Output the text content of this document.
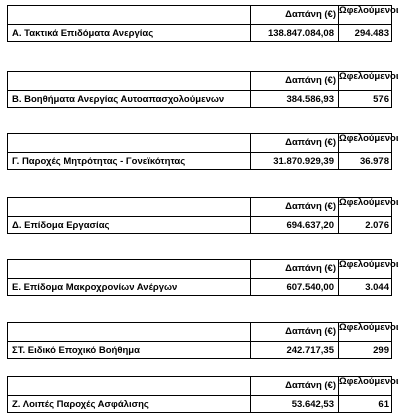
Δαπάνη (€) Ωφελούμενοι
Α. Τακτικά Επιδόματα Ανεργίας	138.847.084,08	294.483
Δαπάνη (€) Ωφελούμενοι
Β. Βοηθήματα Ανεργίας Αυτοαπασχολούμενων	384.586,93	576
Δαπάνη (€) Ωφελούμενοι
Γ. Παροχές Μητρότητας - Γονεϊκότητας	31.870.929,39	36.978
Δαπάνη (€) Ωφελούμενοι
Δ. Επίδομα Εργασίας	694.637,20	2.076
Δαπάνη (€) Ωφελούμενοι
Ε. Επίδομα Μακροχρονίων Ανέργων	607.540,00	3.044
Δαπάνη (€) Ωφελούμενοι
ΣΤ. Ειδικό Εποχικό Βοήθημα	242.717,35	299
Δαπάνη (€) Ωφελούμενοι
Ζ. Λοιπές Παροχές Ασφάλισης	53.642,53	61
